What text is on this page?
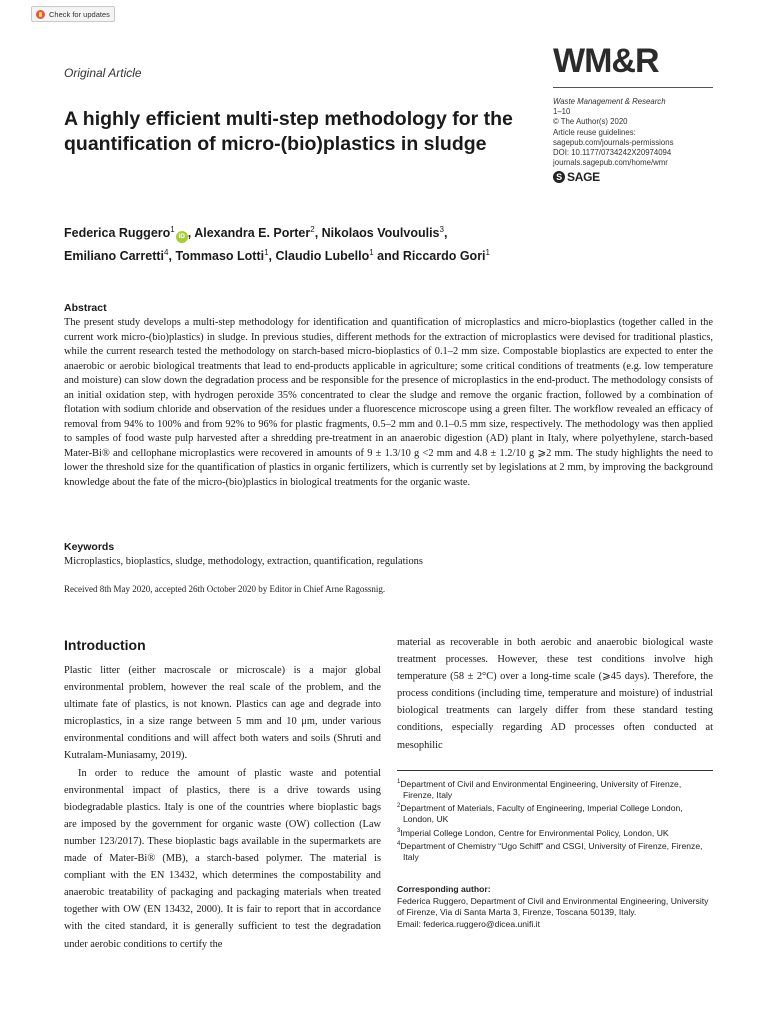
Check for updates
Original Article	WM&R
Waste Management & Research
1–10
© The Author(s) 2020
Article reuse guidelines:
sagepub.com/journals-permissions
DOI: 10.1177/0734242X20974094
journals.sagepub.com/home/wmr
S SAGE
A highly efficient multi-step methodology for the quantification of micro-(bio)plastics in sludge
Federica Ruggero$^1$iD , Alexandra E. Porter$^2$, Nikolaos Voulvoulis$^3$,
Emiliano Carretti$^4$, Tommaso Lotti$^1$, Claudio Lubello$^1$ and Riccardo Gori$^1$
Abstract
The present study develops a multi-step methodology for identification and quantification of microplastics and micro-bioplastics (together called in the current work micro-(bio)plastics) in sludge. In previous studies, different methods for the extraction of microplastics were devised for traditional plastics, while the current research tested the methodology on starch-based micro-bioplastics of 0.1–2 mm size. Compostable bioplastics are expected to enter the anaerobic or aerobic biological treatments that lead to end-products applicable in agriculture; some critical conditions of treatments (e.g. low temperature and moisture) can slow down the degradation process and be responsible for the presence of microplastics in the end-product. The methodology consists of an initial oxidation step, with hydrogen peroxide 35% concentrated to clear the sludge and remove the organic fraction, followed by a combination of flotation with sodium chloride and observation of the residues under a fluorescence microscope using a green filter. The workflow revealed an efficacy of removal from 94% to 100% and from 92% to 96% for plastic fragments, 0.5–2 mm and 0.1–0.5 mm size, respectively. The methodology was then applied to samples of food waste pulp harvested after a shredding pre-treatment in an anaerobic digestion (AD) plant in Italy, where polyethylene, starch-based Mater-Bi® and cellophane microplastics were recovered in amounts of 9 ± 1.3/10 g <2 mm and 4.8 ± 1.2/10 g ⩾2 mm. The study highlights the need to lower the threshold size for the quantification of plastics in organic fertilizers, which is currently set by legislations at 2 mm, by improving the background knowledge about the fate of the micro-(bio)plastics in biological treatments for the organic waste.
Keywords
Microplastics, bioplastics, sludge, methodology, extraction, quantification, regulations
Received 8th May 2020, accepted 26th October 2020 by Editor in Chief Arne Ragossnig.
Introduction

Plastic litter (either macroscale or microscale) is a major global environmental problem, however the real scale of the problem, and the ultimate fate of plastics, is not known. Plastics can age and degrade into microplastics, in a size range between 5 mm and 10 μm, under various environmental conditions and will affect both waters and soils (Shruti and Kutralam-Muniasamy, 2019).

In order to reduce the amount of plastic waste and potential environmental impact of plastics, there is a drive towards using biodegradable plastics. Italy is one of the countries where bioplastic bags are imposed by the government for organic waste (OW) collection (Law number 123/2017). These bioplastic bags available in the supermarkets are made of Mater-Bi® (MB), a starch-based polymer. The material is compliant with the EN 13432, which determines the compostability and anaerobic treatability of packaging and packaging materials when treated together with OW (EN 13432, 2000). It is fair to report that in accordance with the cited standard, it is generally sufficient to test the degradation under aerobic conditions to certify the

material as recoverable in both aerobic and anaerobic biological waste treatment processes. However, these test conditions involve high temperature (58 ± 2°C) over a long-time scale (⩾45 days). Therefore, the process conditions (including time, temperature and moisture) of industrial biological treatments can largely differ from these standard testing conditions, especially regarding AD processes often conducted at mesophilic

$^1$Department of Civil and Environmental Engineering, University of Firenze, Firenze, Italy
$^2$Department of Materials, Faculty of Engineering, Imperial College London, London, UK
$^3$Imperial College London, Centre for Environmental Policy, London, UK
$^4$Department of Chemistry “Ugo Schiff” and CSGI, University of Firenze, Firenze, Italy
Corresponding author:
Federica Ruggero, Department of Civil and Environmental Engineering, University of Firenze, Via di Santa Marta 3, Firenze, Toscana 50139, Italy.
Email: federica.ruggero@dicea.unifi.it
